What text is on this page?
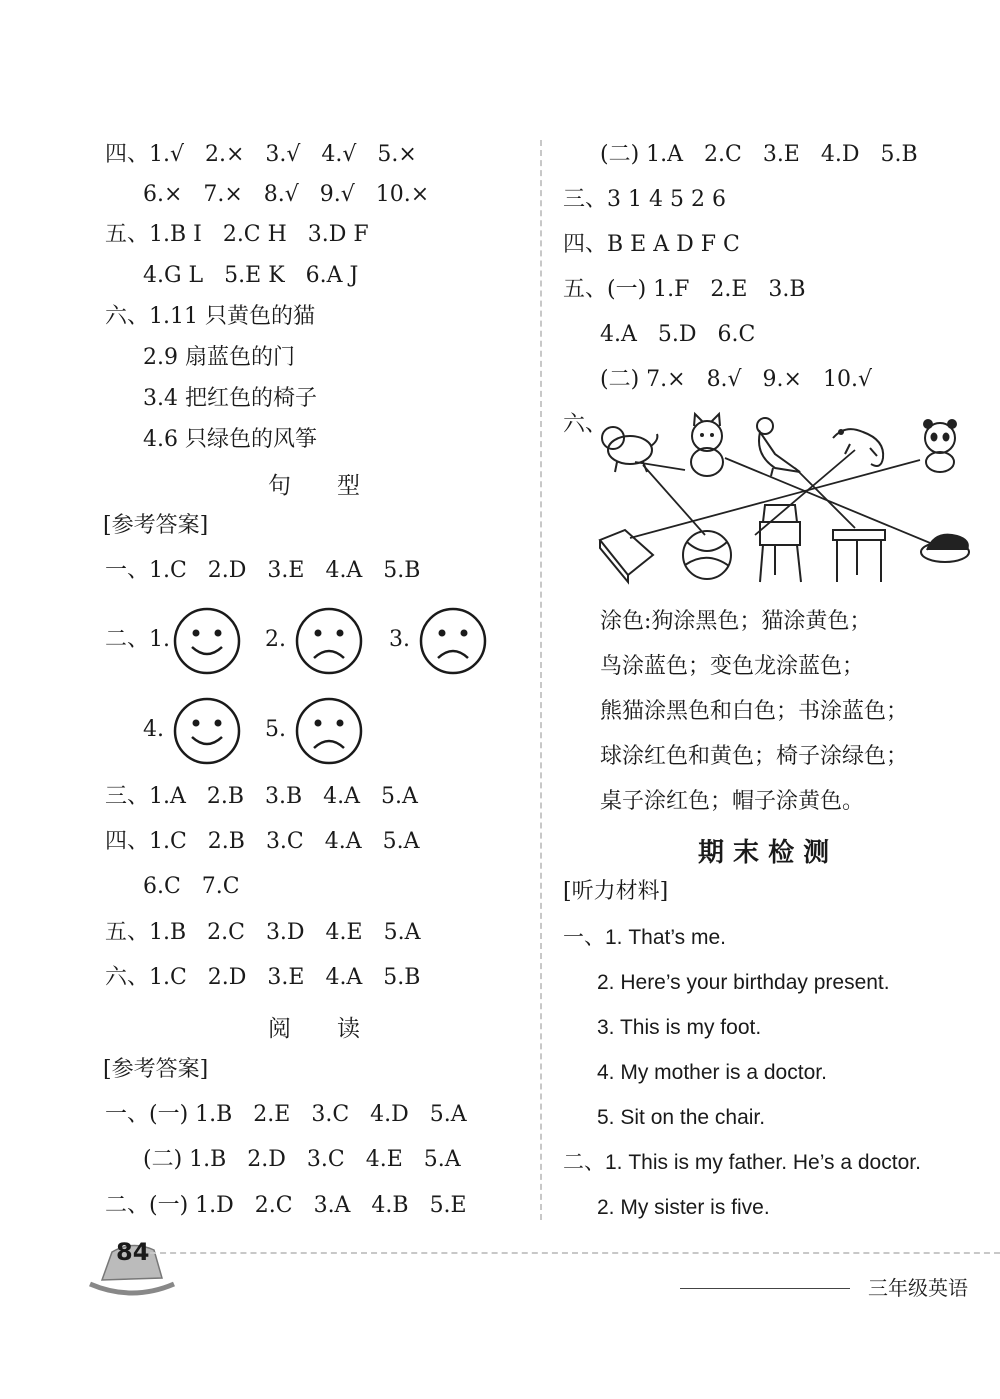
四、1.√   2.×   3.√   4.√   5.×
6.×   7.×   8.√   9.√   10.×
五、1.B I   2.C H   3.D F
4.G L   5.E K   6.A J
六、1.11 只黄色的猫
2.9 扇蓝色的门
3.4 把红色的椅子
4.6 只绿色的风筝
句　　型
[参考答案]
一、1.C   2.D   3.E   4.A   5.B
二、1.	2.	3.
4.	5.
三、1.A   2.B   3.B   4.A   5.A
四、1.C   2.B   3.C   4.A   5.A
6.C   7.C
五、1.B   2.C   3.D   4.E   5.A
六、1.C   2.D   3.E   4.A   5.B
阅　　读
[参考答案]
一、(一) 1.B   2.E   3.C   4.D   5.A
(二) 1.B   2.D   3.C   4.E   5.A
二、(一) 1.D   2.C   3.A   4.B   5.E
(二) 1.A   2.C   3.E   4.D   5.B
三、3 1 4 5 2 6
四、B E A D F C
五、(一) 1.F   2.E   3.B
4.A   5.D   6.C
(二) 7.×   8.√   9.×   10.√
六、
涂色:狗涂黑色；猫涂黄色；
鸟涂蓝色；变色龙涂蓝色；
熊猫涂黑色和白色；书涂蓝色；
球涂红色和黄色；椅子涂绿色；
桌子涂红色；帽子涂黄色。
期 末 检 测
[听力材料]
一、1. That’s me.
2. Here’s your birthday present.
3. This is my foot.
4. My mother is a doctor.
5. Sit on the chair.
二、1. This is my father. He’s a doctor.
2. My sister is five.
84
三年级英语
